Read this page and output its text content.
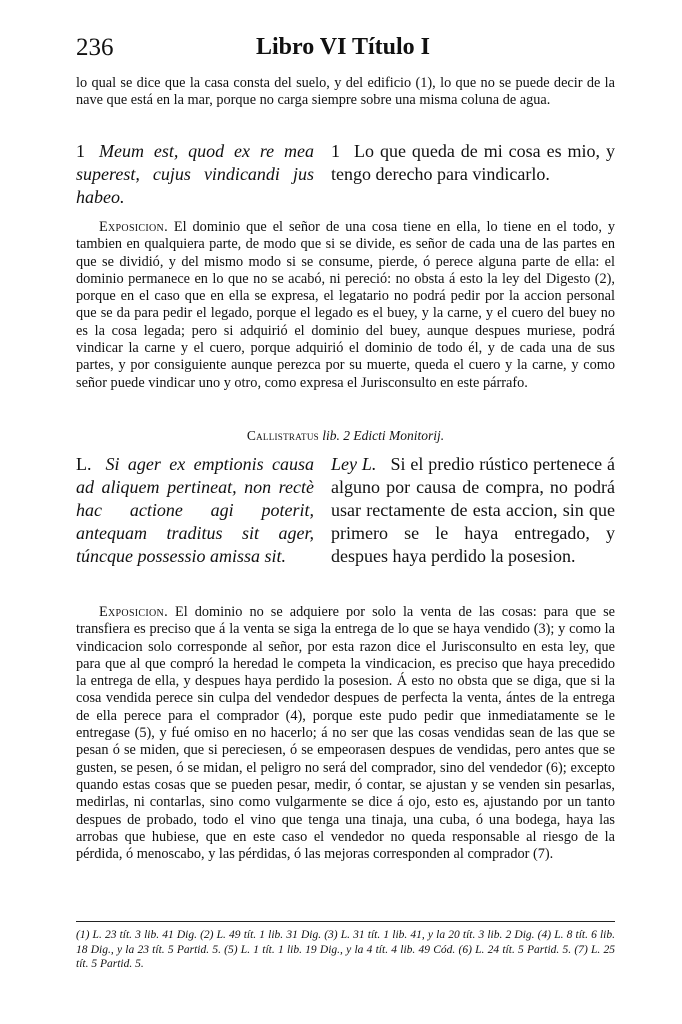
236	Libro VI Título I

lo qual se dice que la casa consta del suelo, y del edificio (1), lo que no se puede decir de la nave que está en la mar, porque no carga siempre sobre una misma coluna de agua.

1 Meum est, quod ex re mea superest, cujus vindicandi jus habeo.
1 Lo que queda de mi cosa es mio, y tengo derecho para vindicarlo.

Exposicion. El dominio que el señor de una cosa tiene en ella, lo tiene en el todo, y tambien en qualquiera parte, de modo que si se divide, es señor de cada una de las partes en que se dividió, y del mismo modo si se consume, pierde, ó perece alguna parte de ella: el dominio permanece en lo que no se acabó, ni pereció: no obsta á esto la ley del Digesto (2), porque en el caso que en ella se expresa, el legatario no podrá pedir por la accion personal que se da para pedir el legado, porque el legado es el buey, y la carne, y el cuero del buey no es la cosa legada; pero si adquirió el dominio del buey, aunque despues muriese, podrá vindicar la carne y el cuero, porque adquirió el dominio de todo él, y de cada una de sus partes, y por consiguiente aunque perezca por su muerte, queda el cuero y la carne, y como señor puede vindicar uno y otro, como expresa el Jurisconsulto en este párrafo.

Callistratus lib. 2 Edicti Monitorij.
L. Si ager ex emptionis causa ad aliquem pertineat, non rectè hac actione agi poterit, antequam traditus sit ager, túncque possessio amissa sit.
Ley L. Si el predio rústico pertenece á alguno por causa de compra, no podrá usar rectamente de esta accion, sin que primero se le haya entregado, y despues haya perdido la posesion.

Exposicion. El dominio no se adquiere por solo la venta de las cosas: para que se transfiera es preciso que á la venta se siga la entrega de lo que se haya vendido (3); y como la vindicacion solo corresponde al señor, por esta razon dice el Jurisconsulto en esta ley, que para que al que compró la heredad le competa la vindicacion, es preciso que haya precedido la entrega de ella, y despues haya perdido la posesion. Á esto no obsta que se diga, que si la cosa vendida perece sin culpa del vendedor despues de perfecta la venta, ántes de la entrega de ella perece para el comprador (4), porque este pudo pedir que inmediatamente se le entregase (5), y fué omiso en no hacerlo; á no ser que las cosas vendidas sean de las que se pesan ó se miden, que si pereciesen, ó se empeorasen despues de vendidas, pero antes que se gusten, se pesen, ó se midan, el peligro no será del comprador, sino del vendedor (6); excepto quando estas cosas que se pueden pesar, medir, ó contar, se ajustan y se venden sin pesarlas, medirlas, ni contarlas, sino como vulgarmente se dice á ojo, esto es, ajustando por un tanto despues de probado, todo el vino que tenga una tinaja, una cuba, ó una bodega, haya las arrobas que hubiese, que en este caso el vendedor no queda responsable al riesgo de la pérdida, ó menoscabo, y las pérdidas, ó las mejoras corresponden al comprador (7).

(1) L. 23 tít. 3 lib. 41 Dig. (2) L. 49 tít. 1 lib. 31 Dig. (3) L. 31 tít. 1 lib. 41, y la 20 tít. 3 lib. 2 Dig. (4) L. 8 tít. 6 lib. 18 Dig., y la 23 tít. 5 Partid. 5. (5) L. 1 tít. 1 lib. 19 Dig., y la 4 tít. 4 lib. 49 Cód. (6) L. 24 tít. 5 Partid. 5. (7) L. 25 tít. 5 Partid. 5.
